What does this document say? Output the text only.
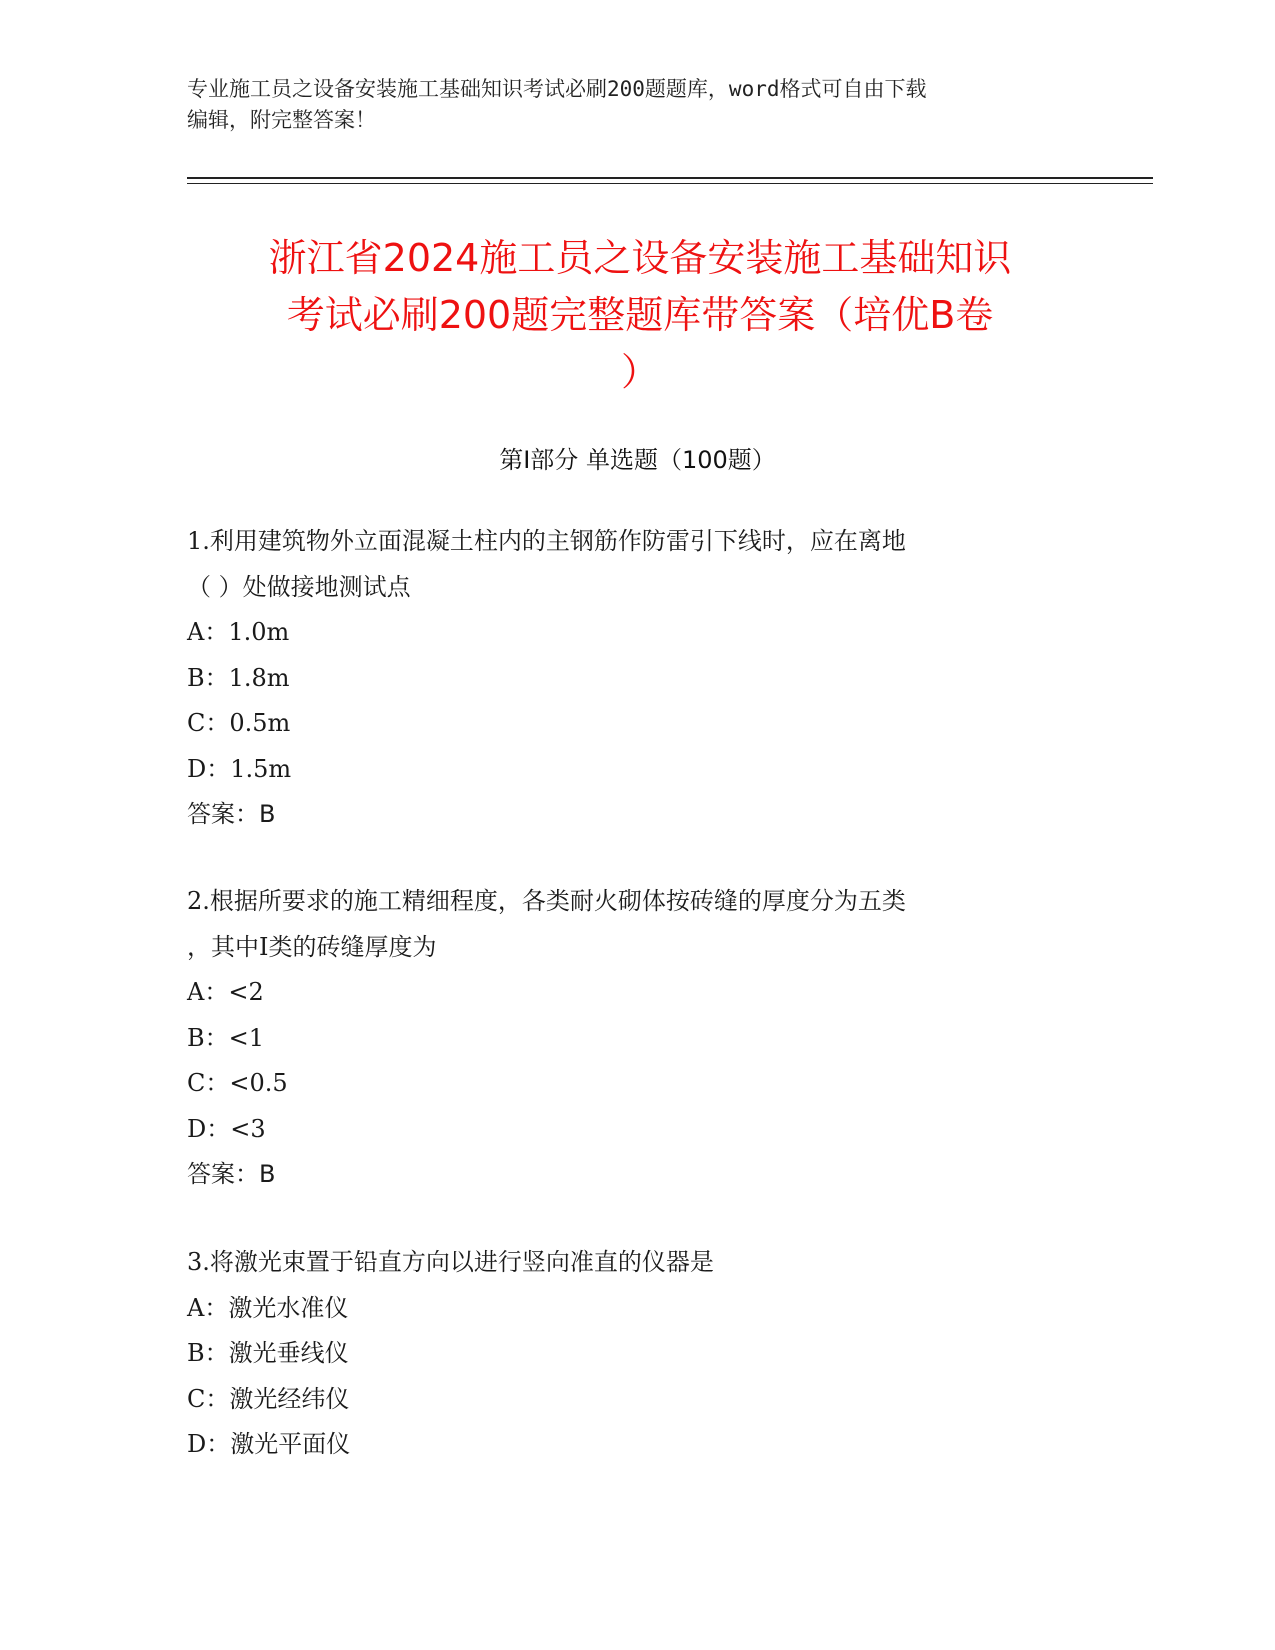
专业施工员之设备安装施工基础知识考试必刷200题题库，word格式可自由下载
编辑，附完整答案！
浙江省2024施工员之设备安装施工基础知识
考试必刷200题完整题库带答案（培优B卷
）
第I部分 单选题（100题）
1.利用建筑物外立面混凝土柱内的主钢筋作防雷引下线时，应在离地
（ ）处做接地测试点
A：1.0m
B：1.8m
C：0.5m
D：1.5m
答案：B
2.根据所要求的施工精细程度，各类耐火砌体按砖缝的厚度分为五类
，其中Ⅰ类的砖缝厚度为
A：<2
B：<1
C：<0.5
D：<3
答案：B
3.将激光束置于铅直方向以进行竖向准直的仪器是
A：激光水准仪
B：激光垂线仪
C：激光经纬仪
D：激光平面仪
